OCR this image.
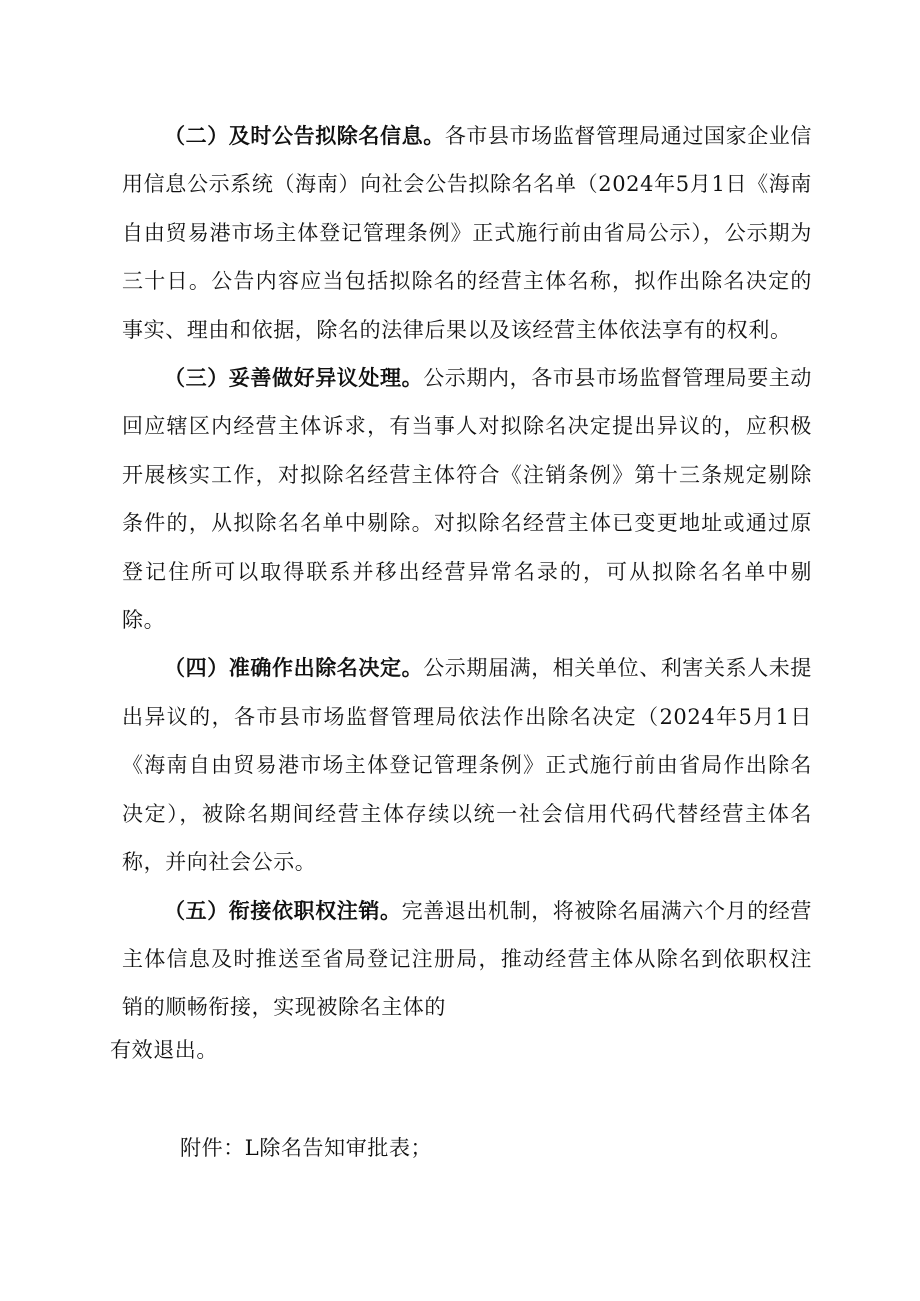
（二）及时公告拟除名信息。各市县市场监督管理局通过国家企业信用信息公示系统（海南）向社会公告拟除名名单（2024年5月1日《海南自由贸易港市场主体登记管理条例》正式施行前由省局公示），公示期为三十日。公告内容应当包括拟除名的经营主体名称，拟作出除名决定的事实、理由和依据，除名的法律后果以及该经营主体依法享有的权利。

（三）妥善做好异议处理。公示期内，各市县市场监督管理局要主动回应辖区内经营主体诉求，有当事人对拟除名决定提出异议的，应积极开展核实工作，对拟除名经营主体符合《注销条例》第十三条规定剔除条件的，从拟除名名单中剔除。对拟除名经营主体已变更地址或通过原登记住所可以取得联系并移出经营异常名录的，可从拟除名名单中剔除。

（四）准确作出除名决定。公示期届满，相关单位、利害关系人未提出异议的，各市县市场监督管理局依法作出除名决定（2024年5月1日《海南自由贸易港市场主体登记管理条例》正式施行前由省局作出除名决定），被除名期间经营主体存续以统一社会信用代码代替经营主体名称，并向社会公示。

（五）衔接依职权注销。完善退出机制，将被除名届满六个月的经营主体信息及时推送至省局登记注册局，推动经营主体从除名到依职权注销的顺畅衔接，实现被除名主体的

有效退出。

附件：L除名告知审批表；
